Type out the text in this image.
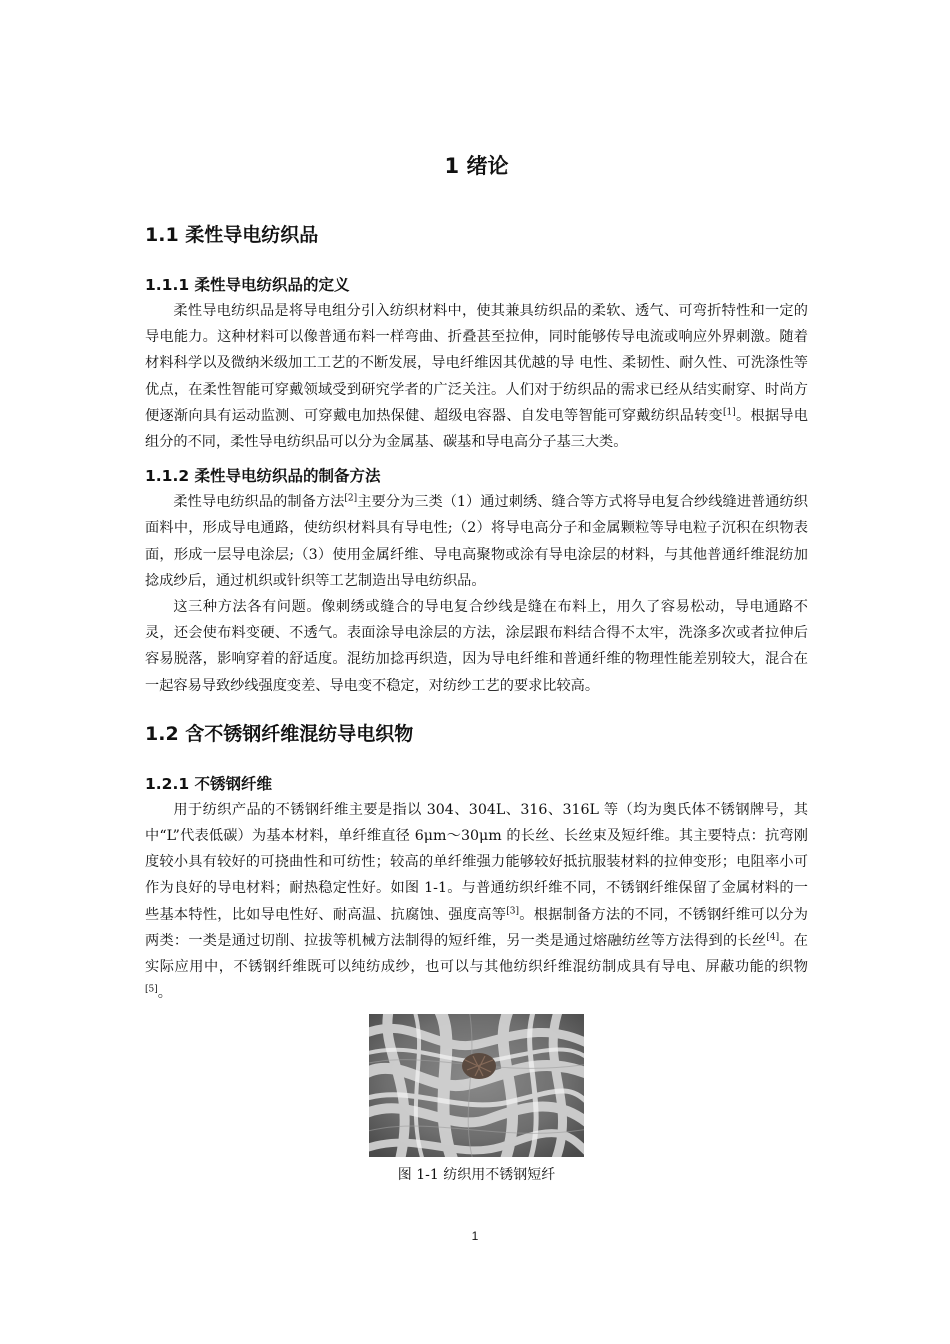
1 绪论
1.1 柔性导电纺织品
1.1.1 柔性导电纺织品的定义

柔性导电纺织品是将导电组分引入纺织材料中，使其兼具纺织品的柔软、透气、可弯折特性和一定的导电能力。这种材料可以像普通布料一样弯曲、折叠甚至拉伸，同时能够传导电流或响应外界刺激。随着材料科学以及微纳米级加工工艺的不断发展，导电纤维因其优越的导 电性、柔韧性、耐久性、可洗涤性等优点，在柔性智能可穿戴领域受到研究学者的广泛关注。人们对于纺织品的需求已经从结实耐穿、时尚方便逐渐向具有运动监测、可穿戴电加热保健、超级电容器、自发电等智能可穿戴纺织品转变[1]。根据导电组分的不同，柔性导电纺织品可以分为金属基、碳基和导电高分子基三大类。

1.1.2 柔性导电纺织品的制备方法

柔性导电纺织品的制备方法[2]主要分为三类（1）通过刺绣、缝合等方式将导电复合纱线缝进普通纺织面料中，形成导电通路，使纺织材料具有导电性;（2）将导电高分子和金属颗粒等导电粒子沉积在织物表面，形成一层导电涂层;（3）使用金属纤维、导电高聚物或涂有导电涂层的材料，与其他普通纤维混纺加捻成纱后，通过机织或针织等工艺制造出导电纺织品。

这三种方法各有问题。像刺绣或缝合的导电复合纱线是缝在布料上，用久了容易松动，导电通路不灵，还会使布料变硬、不透气。表面涂导电涂层的方法，涂层跟布料结合得不太牢，洗涤多次或者拉伸后容易脱落，影响穿着的舒适度。混纺加捻再织造，因为导电纤维和普通纤维的物理性能差别较大，混合在一起容易导致纱线强度变差、导电变不稳定，对纺纱工艺的要求比较高。

1.2 含不锈钢纤维混纺导电织物
1.2.1 不锈钢纤维

用于纺织产品的不锈钢纤维主要是指以 304、304L、316、316L 等（均为奥氏体不锈钢牌号，其中“L”代表低碳）为基本材料，单纤维直径 6μm～30μm 的长丝、长丝束及短纤维。其主要特点：抗弯刚度较小具有较好的可挠曲性和可纺性；较高的单纤维强力能够较好抵抗服装材料的拉伸变形；电阻率小可作为良好的导电材料；耐热稳定性好。如图 1-1。与普通纺织纤维不同，不锈钢纤维保留了金属材料的一些基本特性，比如导电性好、耐高温、抗腐蚀、强度高等[3]。根据制备方法的不同，不锈钢纤维可以分为两类：一类是通过切削、拉拔等机械方法制得的短纤维，另一类是通过熔融纺丝等方法得到的长丝[4]。在实际应用中，不锈钢纤维既可以纯纺成纱，也可以与其他纺织纤维混纺制成具有导电、屏蔽功能的织物[5]。

图 1-1 纺织用不锈钢短纤

1
